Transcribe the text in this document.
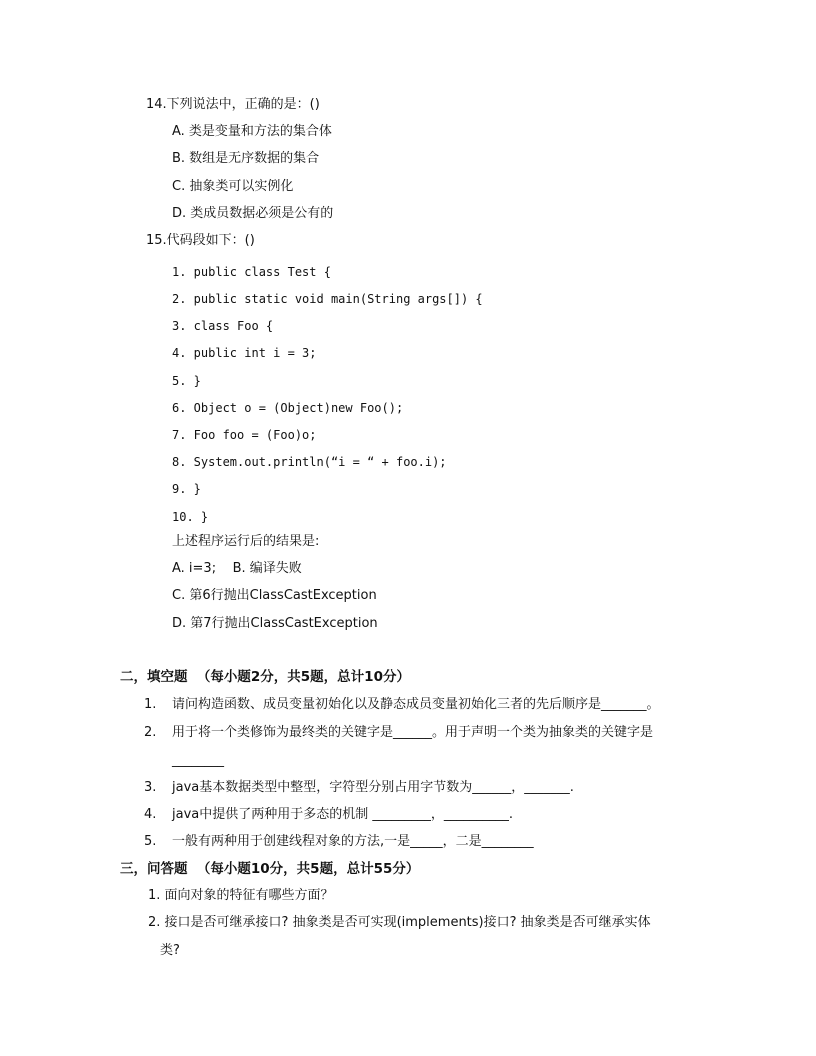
14.下列说法中，正确的是：()
A. 类是变量和方法的集合体
B. 数组是无序数据的集合
C. 抽象类可以实例化
D. 类成员数据必须是公有的
15.代码段如下：()
1. public class Test {
2. public static void main(String args[]) {
3. class Foo {
4. public int i = 3;
5. }
6. Object o = (Object)new Foo();
7. Foo foo = (Foo)o;
8. System.out.println(“i = “ + foo.i);
9. }
10. }
上述程序运行后的结果是:
A. i=3;    B. 编译失败
C. 第6行抛出ClassCastException
D. 第7行抛出ClassCastException
二，填空题  （每小题2分，共5题，总计10分）
1. 请问构造函数、成员变量初始化以及静态成员变量初始化三者的先后顺序是_______。
2. 用于将一个类修饰为最终类的关键字是______。用于声明一个类为抽象类的关键字是
________
3. java基本数据类型中整型，字符型分别占用字节数为______，_______.
4. java中提供了两种用于多态的机制 _________，__________.
5. 一般有两种用于创建线程对象的方法,一是_____，二是________
三，问答题  （每小题10分，共5题，总计55分）
1. 面向对象的特征有哪些方面？
2. 接口是否可继承接口? 抽象类是否可实现(implements)接口? 抽象类是否可继承实体
类?
